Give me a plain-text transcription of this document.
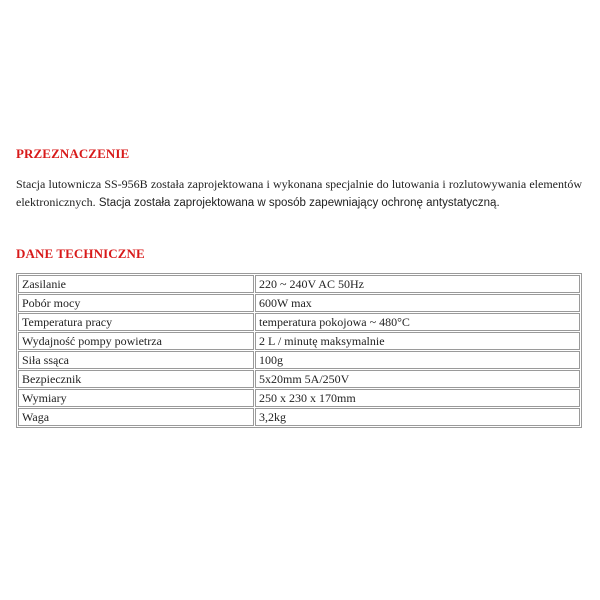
PRZEZNACZENIE
Stacja lutownicza SS-956B została zaprojektowana i wykonana specjalnie do lutowania i rozlutowywania elementów elektronicznych. Stacja została zaprojektowana w sposób zapewniający ochronę antystatyczną.
DANE TECHNICZNE
Zasilanie	220 ~ 240V AC 50Hz
Pobór mocy	600W max
Temperatura pracy	temperatura pokojowa ~ 480°C
Wydajność pompy powietrza	2 L / minutę maksymalnie
Siła ssąca	100g
Bezpiecznik	5x20mm 5A/250V
Wymiary	250 x 230 x 170mm
Waga	3,2kg
